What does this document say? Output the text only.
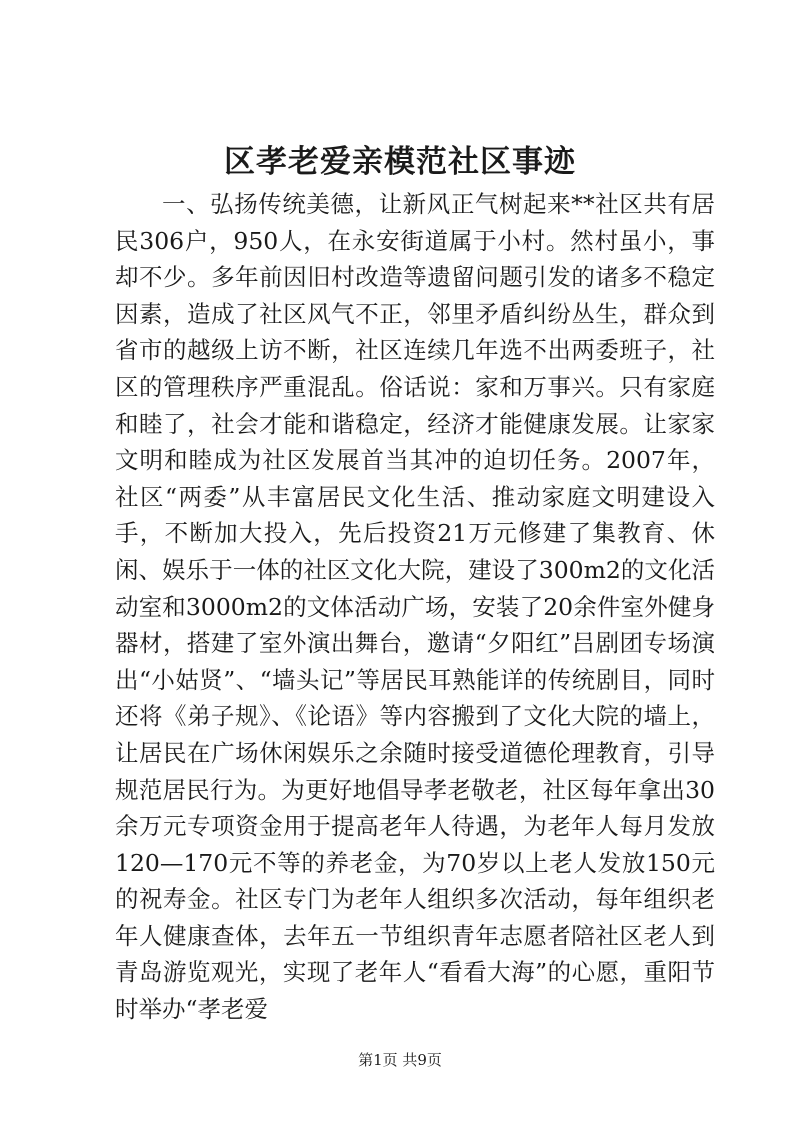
区孝老爱亲模范社区事迹

一、弘扬传统美德，让新风正气树起来**社区共有居民306户，950人，在永安街道属于小村。然村虽小，事却不少。多年前因旧村改造等遗留问题引发的诸多不稳定因素，造成了社区风气不正，邻里矛盾纠纷丛生，群众到省市的越级上访不断，社区连续几年选不出两委班子，社区的管理秩序严重混乱。俗话说：家和万事兴。只有家庭和睦了，社会才能和谐稳定，经济才能健康发展。让家家文明和睦成为社区发展首当其冲的迫切任务。2007年，社区“两委”从丰富居民文化生活、推动家庭文明建设入手，不断加大投入，先后投资21万元修建了集教育、休闲、娱乐于一体的社区文化大院，建设了300m2的文化活动室和3000m2的文体活动广场，安装了20余件室外健身器材，搭建了室外演出舞台，邀请“夕阳红”吕剧团专场演出“小姑贤”、“墙头记”等居民耳熟能详的传统剧目，同时还将《弟子规》、《论语》等内容搬到了文化大院的墙上，让居民在广场休闲娱乐之余随时接受道德伦理教育，引导规范居民行为。为更好地倡导孝老敬老，社区每年拿出30余万元专项资金用于提高老年人待遇，为老年人每月发放120—170元不等的养老金，为70岁以上老人发放150元的祝寿金。社区专门为老年人组织多次活动，每年组织老年人健康查体，去年五一节组织青年志愿者陪社区老人到青岛游览观光，实现了老年人“看看大海”的心愿，重阳节时举办“孝老爱

第1页 共9页
